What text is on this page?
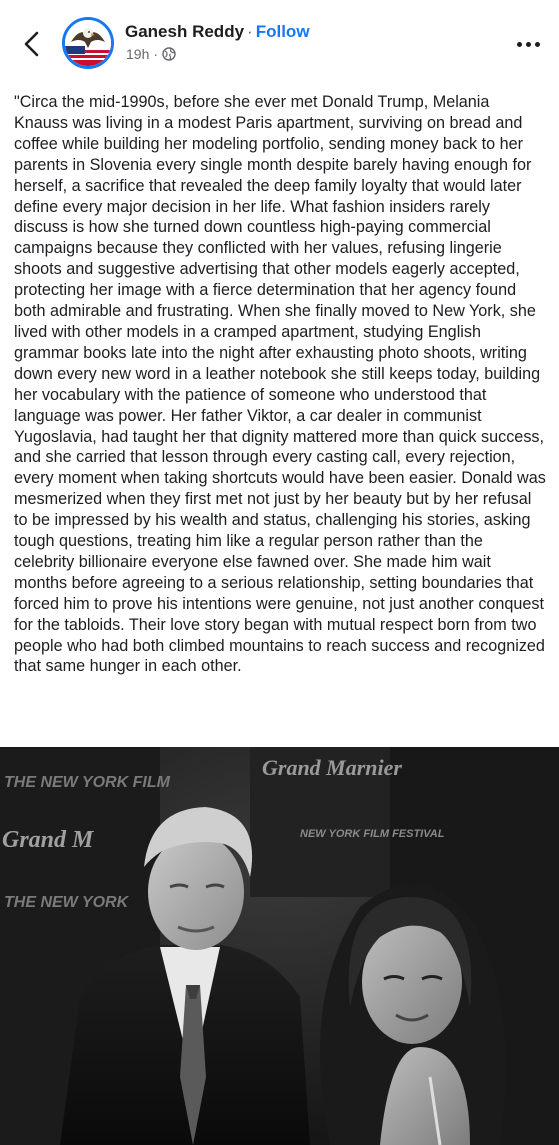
Ganesh Reddy · Follow
19h ·
"Circa the mid-1990s, before she ever met Donald Trump, Melania Knauss was living in a modest Paris apartment, surviving on bread and coffee while building her modeling portfolio, sending money back to her parents in Slovenia every single month despite barely having enough for herself, a sacrifice that revealed the deep family loyalty that would later define every major decision in her life. What fashion insiders rarely discuss is how she turned down countless high-paying commercial campaigns because they conflicted with her values, refusing lingerie shoots and suggestive advertising that other models eagerly accepted, protecting her image with a fierce determination that her agency found both admirable and frustrating. When she finally moved to New York, she lived with other models in a cramped apartment, studying English grammar books late into the night after exhausting photo shoots, writing down every new word in a leather notebook she still keeps today, building her vocabulary with the patience of someone who understood that language was power. Her father Viktor, a car dealer in communist Yugoslavia, had taught her that dignity mattered more than quick success, and she carried that lesson through every casting call, every rejection, every moment when taking shortcuts would have been easier. Donald was mesmerized when they first met not just by her beauty but by her refusal to be impressed by his wealth and status, challenging his stories, asking tough questions, treating him like a regular person rather than the celebrity billionaire everyone else fawned over. She made him wait months before agreeing to a serious relationship, setting boundaries that forced him to prove his intentions were genuine, not just another conquest for the tabloids. Their love story began with mutual respect born from two people who had both climbed mountains to reach success and recognized that same hunger in each other.
Grand Marnier
THE NEW YORK FILM
Grand M
THE NEW YORK
NEW YORK FILM FESTIVAL
